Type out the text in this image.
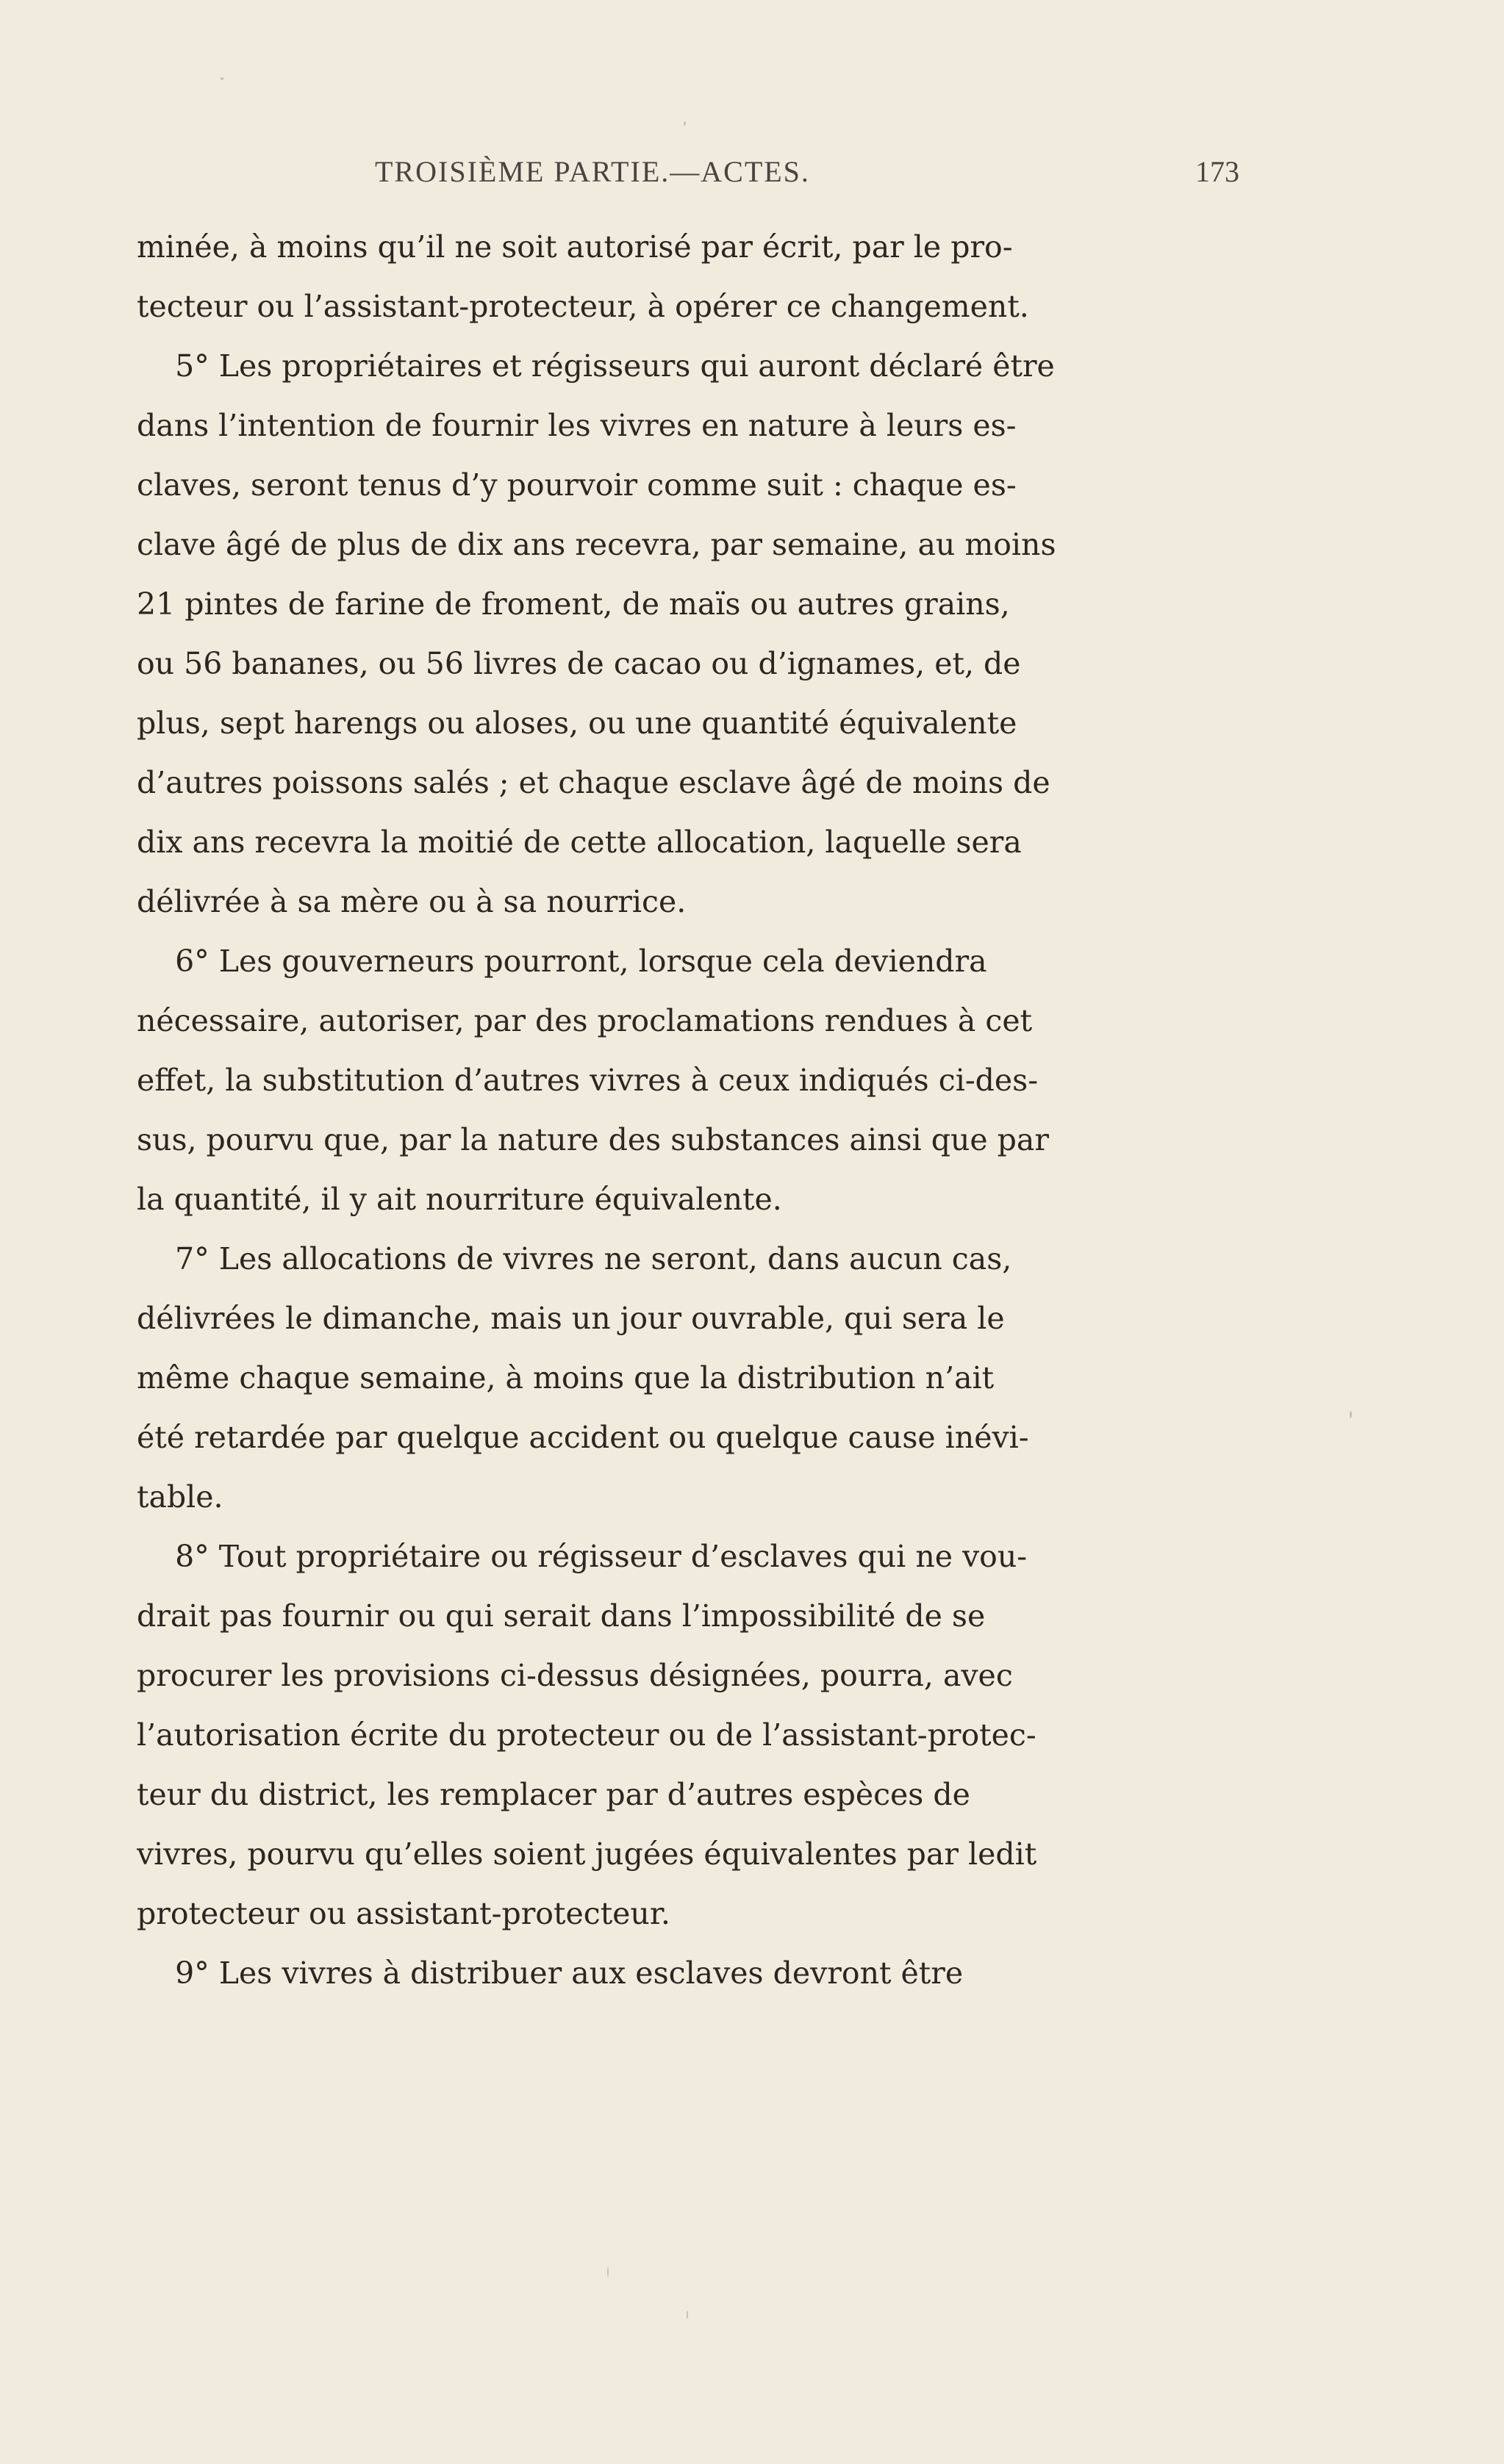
TROISIÈME PARTIE.—ACTES.	173
minée, à moins qu’il ne soit autorisé par écrit, par le pro-
tecteur ou l’assistant-protecteur, à opérer ce changement.
5° Les propriétaires et régisseurs qui auront déclaré être
dans l’intention de fournir les vivres en nature à leurs es-
claves, seront tenus d’y pourvoir comme suit : chaque es-
clave âgé de plus de dix ans recevra, par semaine, au moins
21 pintes de farine de froment, de maïs ou autres grains,
ou 56 bananes, ou 56 livres de cacao ou d’ignames, et, de
plus, sept harengs ou aloses, ou une quantité équivalente
d’autres poissons salés ; et chaque esclave âgé de moins de
dix ans recevra la moitié de cette allocation, laquelle sera
délivrée à sa mère ou à sa nourrice.
6° Les gouverneurs pourront, lorsque cela deviendra
nécessaire, autoriser, par des proclamations rendues à cet
effet, la substitution d’autres vivres à ceux indiqués ci-des-
sus, pourvu que, par la nature des substances ainsi que par
la quantité, il y ait nourriture équivalente.
7° Les allocations de vivres ne seront, dans aucun cas,
délivrées le dimanche, mais un jour ouvrable, qui sera le
même chaque semaine, à moins que la distribution n’ait
été retardée par quelque accident ou quelque cause inévi-
table.
8° Tout propriétaire ou régisseur d’esclaves qui ne vou-
drait pas fournir ou qui serait dans l’impossibilité de se
procurer les provisions ci-dessus désignées, pourra, avec
l’autorisation écrite du protecteur ou de l’assistant-protec-
teur du district, les remplacer par d’autres espèces de
vivres, pourvu qu’elles soient jugées équivalentes par ledit
protecteur ou assistant-protecteur.
9° Les vivres à distribuer aux esclaves devront être
